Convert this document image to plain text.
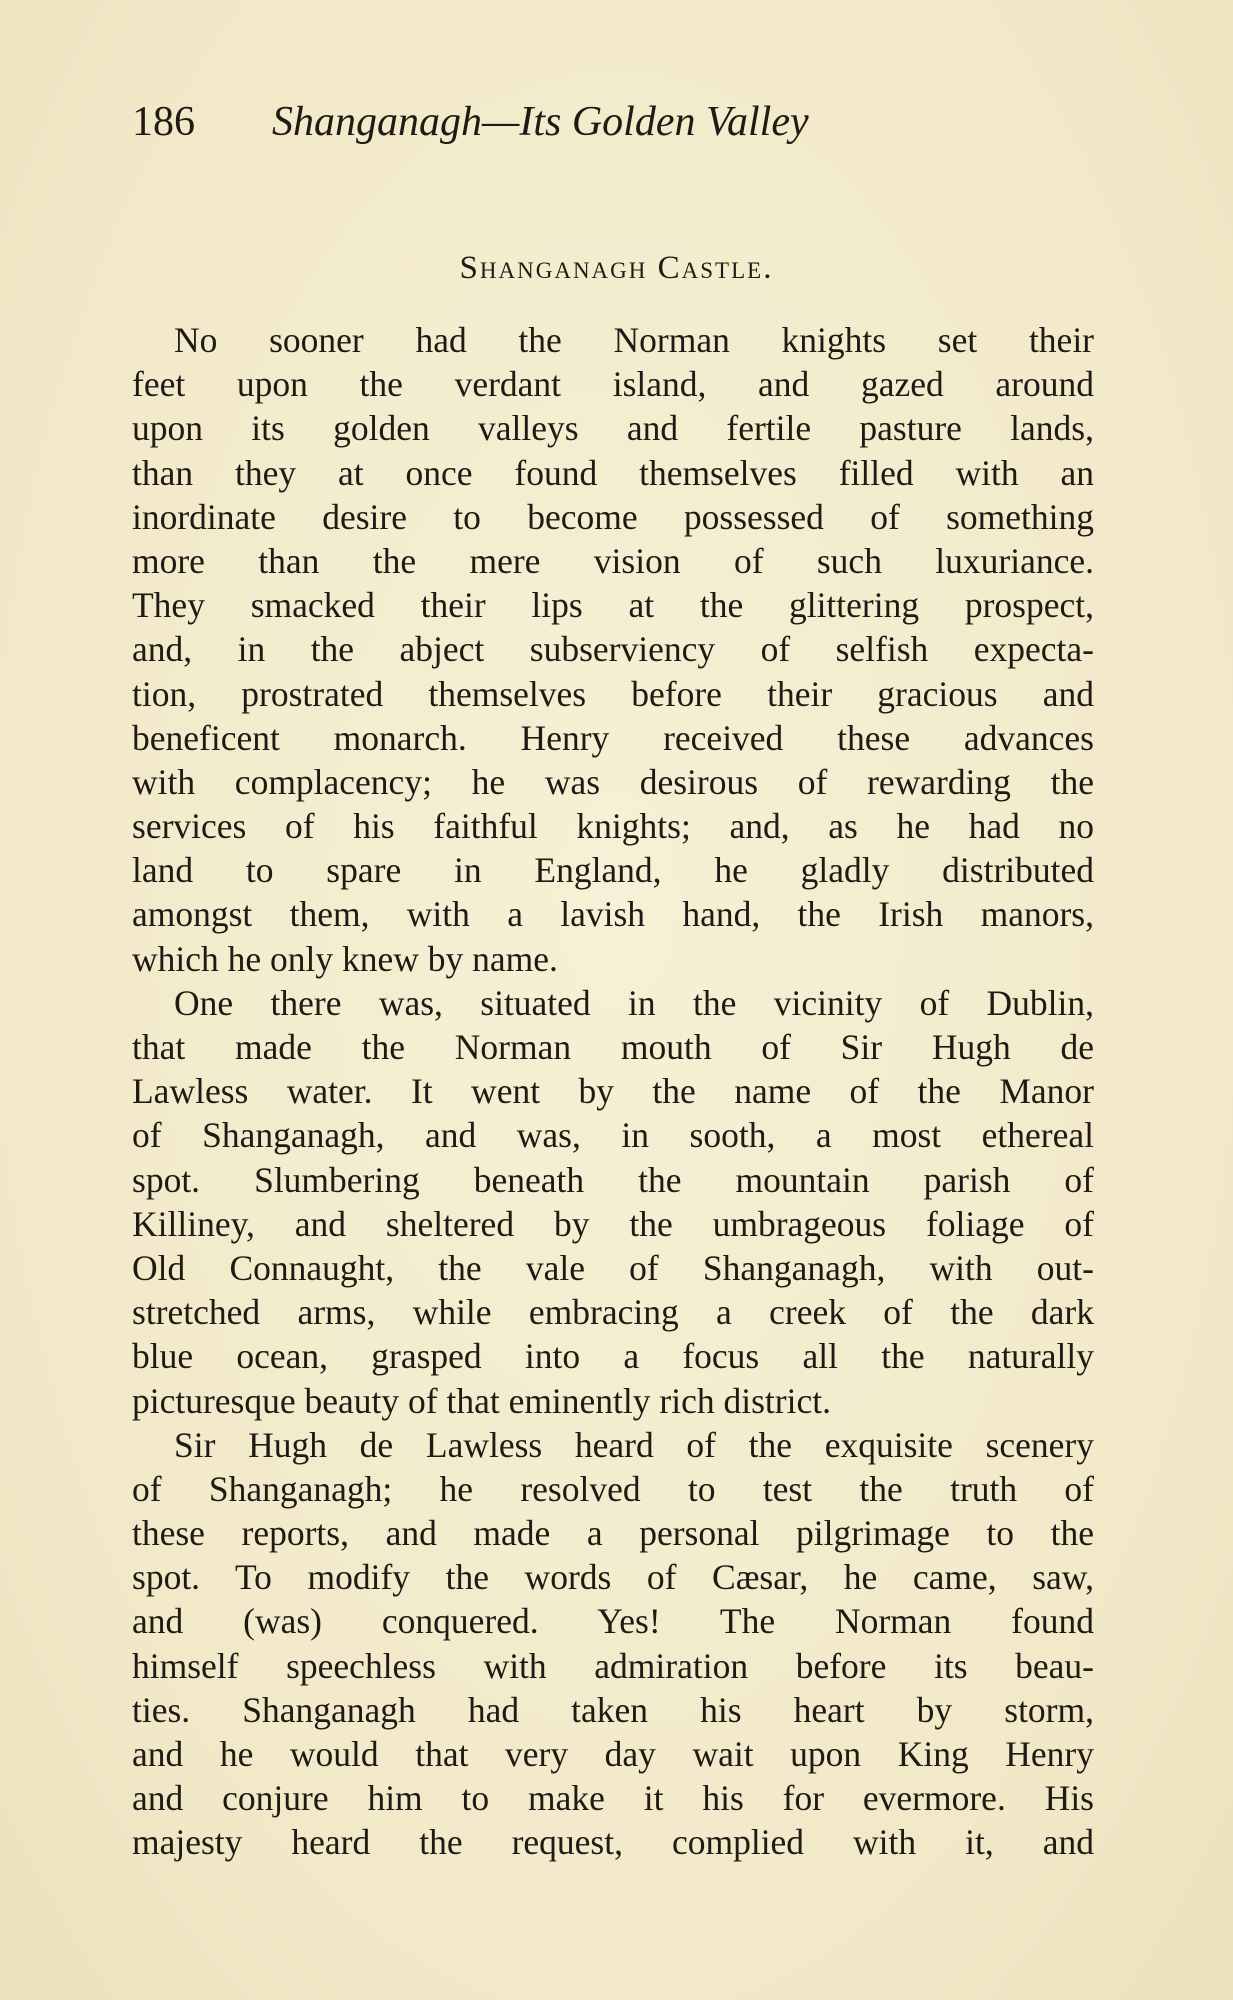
186 Shanganagh—Its Golden Valley
Shanganagh Castle.
No sooner had the Norman knights set their
feet upon the verdant island, and gazed around
upon its golden valleys and fertile pasture lands,
than they at once found themselves filled with an
inordinate desire to become possessed of something
more than the mere vision of such luxuriance.
They smacked their lips at the glittering prospect,
and, in the abject subserviency of selfish expecta-
tion, prostrated themselves before their gracious and
beneficent monarch. Henry received these advances
with complacency; he was desirous of rewarding the
services of his faithful knights; and, as he had no
land to spare in England, he gladly distributed
amongst them, with a lavish hand, the Irish manors,
which he only knew by name.
One there was, situated in the vicinity of Dublin,
that made the Norman mouth of Sir Hugh de
Lawless water. It went by the name of the Manor
of Shanganagh, and was, in sooth, a most ethereal
spot. Slumbering beneath the mountain parish of
Killiney, and sheltered by the umbrageous foliage of
Old Connaught, the vale of Shanganagh, with out-
stretched arms, while embracing a creek of the dark
blue ocean, grasped into a focus all the naturally
picturesque beauty of that eminently rich district.
Sir Hugh de Lawless heard of the exquisite scenery
of Shanganagh; he resolved to test the truth of
these reports, and made a personal pilgrimage to the
spot. To modify the words of Cæsar, he came, saw,
and (was) conquered. Yes! The Norman found
himself speechless with admiration before its beau-
ties. Shanganagh had taken his heart by storm,
and he would that very day wait upon King Henry
and conjure him to make it his for evermore. His
majesty heard the request, complied with it, and
